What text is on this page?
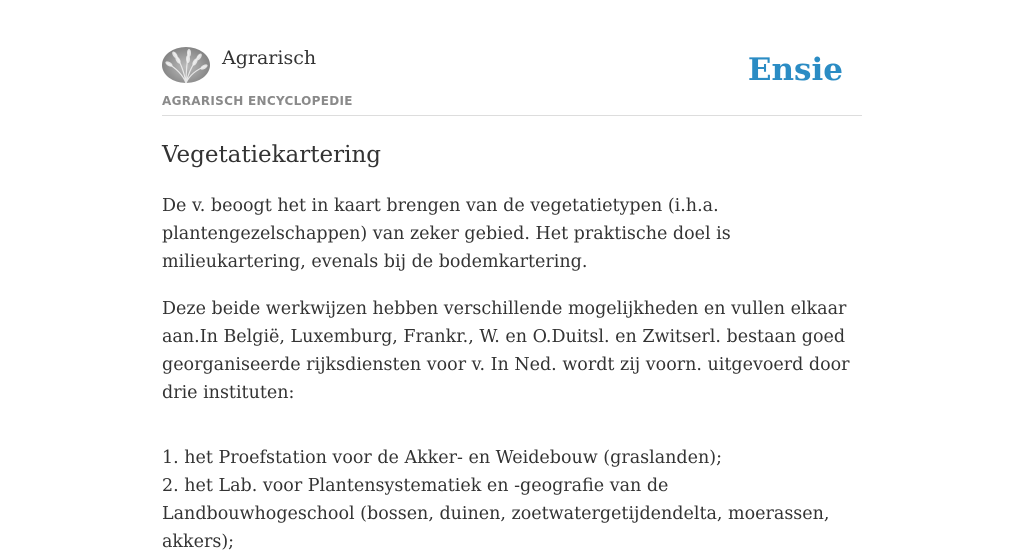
Agrarisch
AGRARISCH ENCYCLOPEDIE
Ensie
Vegetatiekartering

De v. beoogt het in kaart brengen van de vegetatietypen (i.h.a. plantengezelschappen) van zeker gebied. Het praktische doel is milieukartering, evenals bij de bodemkartering.

Deze beide werkwijzen hebben verschillende mogelijkheden en vullen elkaar aan.In België, Luxemburg, Frankr., W. en O.Duitsl. en Zwitserl. bestaan goed georganiseerde rijksdiensten voor v. In Ned. wordt zij voorn. uitgevoerd door drie instituten:

1. het Proefstation voor de Akker- en Weidebouw (graslanden);
2. het Lab. voor Plantensystematiek en -geografie van de Landbouwhogeschool (bossen, duinen, zoetwatergetijdendelta, moerassen, akkers);
